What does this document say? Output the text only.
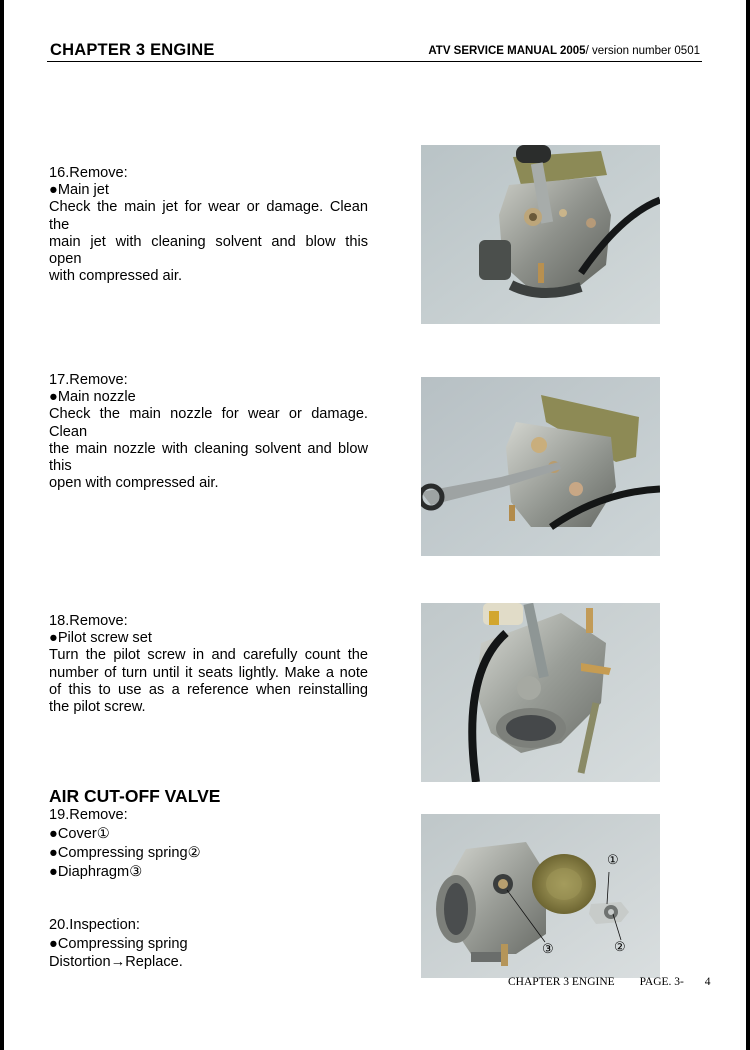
CHAPTER 3 ENGINE	ATV SERVICE MANUAL 2005/ version number 0501
16.Remove:
●Main jet
Check the main jet for wear or damage. Clean
the
main jet with cleaning solvent and blow this
open
with compressed air.
17.Remove:
●Main nozzle
Check the main nozzle for wear or damage.
Clean
the main nozzle with cleaning solvent and blow
this
open with compressed air.
18.Remove:
●Pilot screw set
Turn the pilot screw in and carefully count the
number of turn until it seats lightly. Make a note
of this to use as a reference when reinstalling
the pilot screw.
AIR CUT-OFF VALVE
19.Remove:
●Cover①
●Compressing spring②
●Diaphragm③
20.Inspection:
●Compressing spring
Distortion→Replace.
①
②
③
CHAPTER 3 ENGINE PAGE. 3- 4
